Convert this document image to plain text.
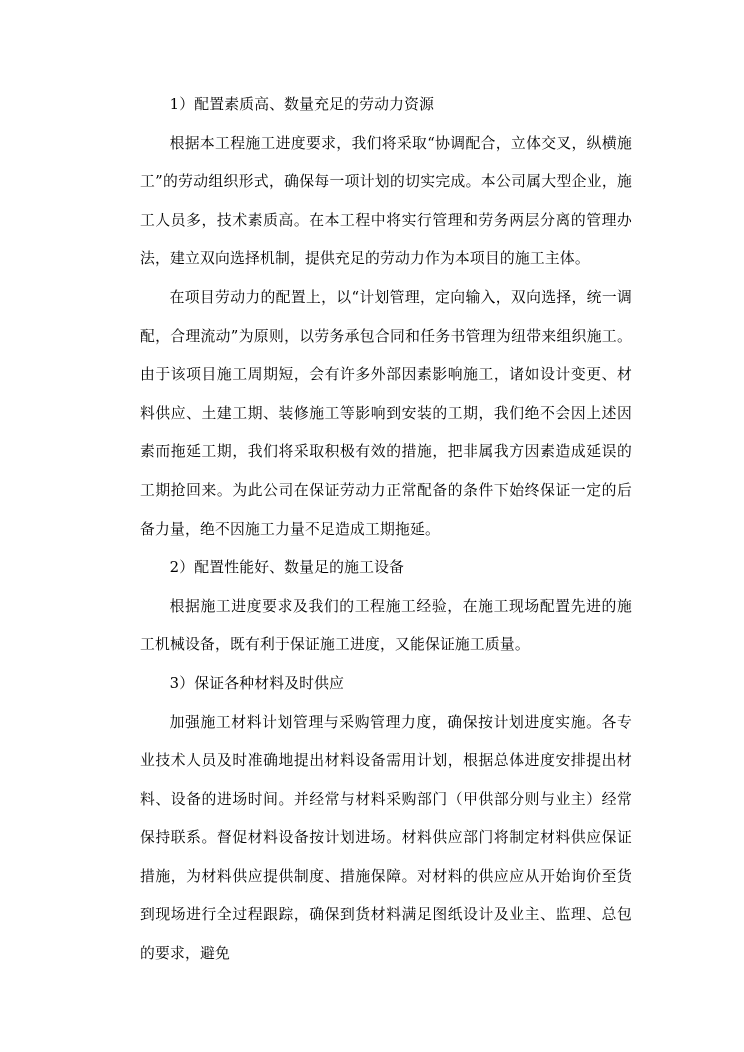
1）配置素质高、数量充足的劳动力资源

根据本工程施工进度要求，我们将采取“协调配合，立体交叉，纵横施工”的劳动组织形式，确保每一项计划的切实完成。本公司属大型企业，施工人员多，技术素质高。在本工程中将实行管理和劳务两层分离的管理办法，建立双向选择机制，提供充足的劳动力作为本项目的施工主体。

在项目劳动力的配置上，以“计划管理，定向输入，双向选择，统一调配，合理流动”为原则，以劳务承包合同和任务书管理为纽带来组织施工。由于该项目施工周期短，会有许多外部因素影响施工，诸如设计变更、材料供应、土建工期、装修施工等影响到安装的工期，我们绝不会因上述因素而拖延工期，我们将采取积极有效的措施，把非属我方因素造成延误的工期抢回来。为此公司在保证劳动力正常配备的条件下始终保证一定的后备力量，绝不因施工力量不足造成工期拖延。

2）配置性能好、数量足的施工设备

根据施工进度要求及我们的工程施工经验，在施工现场配置先进的施工机械设备，既有利于保证施工进度，又能保证施工质量。

3）保证各种材料及时供应

加强施工材料计划管理与采购管理力度，确保按计划进度实施。各专业技术人员及时准确地提出材料设备需用计划，根据总体进度安排提出材料、设备的进场时间。并经常与材料采购部门（甲供部分则与业主）经常保持联系。督促材料设备按计划进场。材料供应部门将制定材料供应保证措施，为材料供应提供制度、措施保障。对材料的供应应从开始询价至货到现场进行全过程跟踪，确保到货材料满足图纸设计及业主、监理、总包的要求，避免
